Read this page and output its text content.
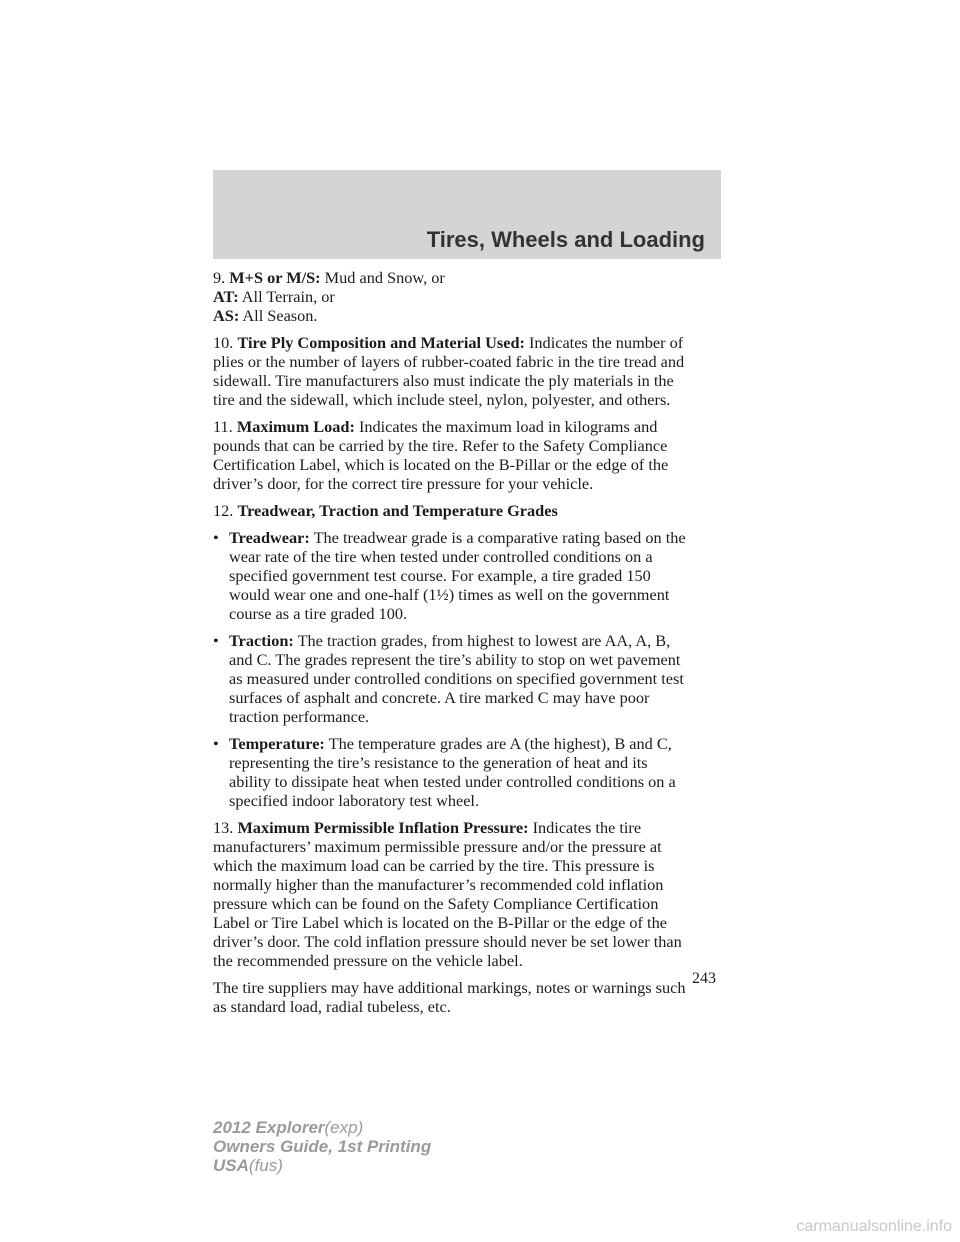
Tires, Wheels and Loading

9. M+S or M/S: Mud and Snow, or

AT: All Terrain, or

AS: All Season.

10. Tire Ply Composition and Material Used: Indicates the number of

plies or the number of layers of rubber-coated fabric in the tire tread and

sidewall. Tire manufacturers also must indicate the ply materials in the

tire and the sidewall, which include steel, nylon, polyester, and others.

11. Maximum Load: Indicates the maximum load in kilograms and

pounds that can be carried by the tire. Refer to the Safety Compliance

Certification Label, which is located on the B-Pillar or the edge of the

driver’s door, for the correct tire pressure for your vehicle.

12. Treadwear, Traction and Temperature Grades

• Treadwear: The treadwear grade is a comparative rating based on the

wear rate of the tire when tested under controlled conditions on a

specified government test course. For example, a tire graded 150

would wear one and one-half (1½) times as well on the government

course as a tire graded 100.

• Traction: The traction grades, from highest to lowest are AA, A, B,

and C. The grades represent the tire’s ability to stop on wet pavement

as measured under controlled conditions on specified government test

surfaces of asphalt and concrete. A tire marked C may have poor

traction performance.

• Temperature: The temperature grades are A (the highest), B and C,

representing the tire’s resistance to the generation of heat and its

ability to dissipate heat when tested under controlled conditions on a

specified indoor laboratory test wheel.

13. Maximum Permissible Inflation Pressure: Indicates the tire

manufacturers’ maximum permissible pressure and/or the pressure at

which the maximum load can be carried by the tire. This pressure is

normally higher than the manufacturer’s recommended cold inflation

pressure which can be found on the Safety Compliance Certification

Label or Tire Label which is located on the B-Pillar or the edge of the

driver’s door. The cold inflation pressure should never be set lower than

the recommended pressure on the vehicle label.

The tire suppliers may have additional markings, notes or warnings such

as standard load, radial tubeless, etc.

243
2012 Explorer(exp)
Owners Guide, 1st Printing
USA(fus)
carmanualsonline.info
